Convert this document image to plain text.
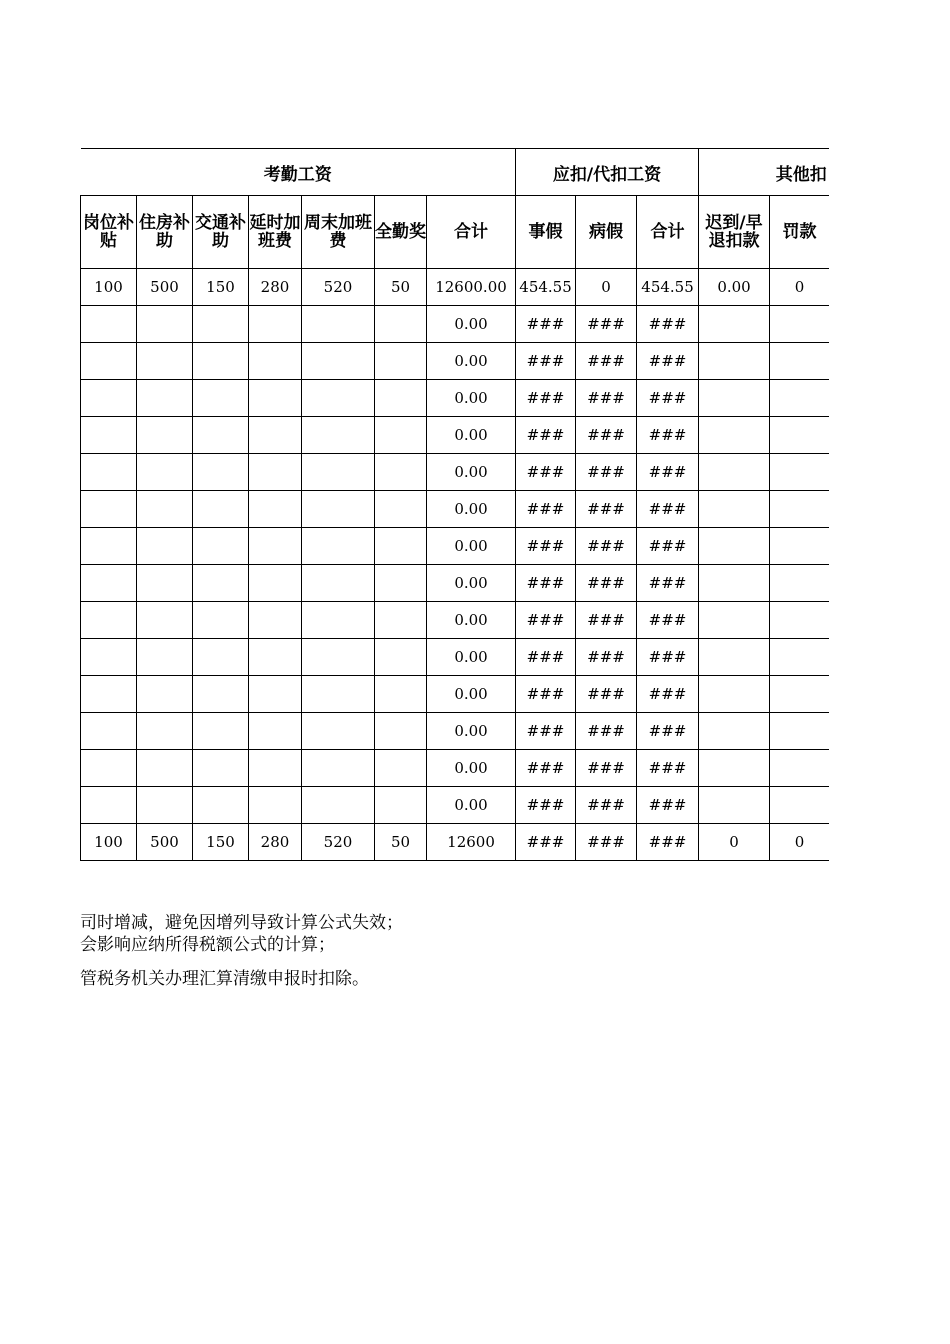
考勤工资							应扣/代扣工资			其他扣	
岗位补贴	住房补助	交通补助	延时加班费	周末加班费	全勤奖	合计	事假	病假	合计	迟到/早退扣款	罚款
100	500	150	280	520	50	12600.00	454.55	0	454.55	0.00	0
						0.00	###	###	###		
						0.00	###	###	###		
						0.00	###	###	###		
						0.00	###	###	###		
						0.00	###	###	###		
						0.00	###	###	###		
						0.00	###	###	###		
						0.00	###	###	###		
						0.00	###	###	###		
						0.00	###	###	###		
						0.00	###	###	###		
						0.00	###	###	###		
						0.00	###	###	###		
						0.00	###	###	###		
100	500	150	280	520	50	12600	###	###	###	0	0
司时增减，避免因增列导致计算公式失效；
会影响应纳所得税额公式的计算；
管税务机关办理汇算清缴申报时扣除。
